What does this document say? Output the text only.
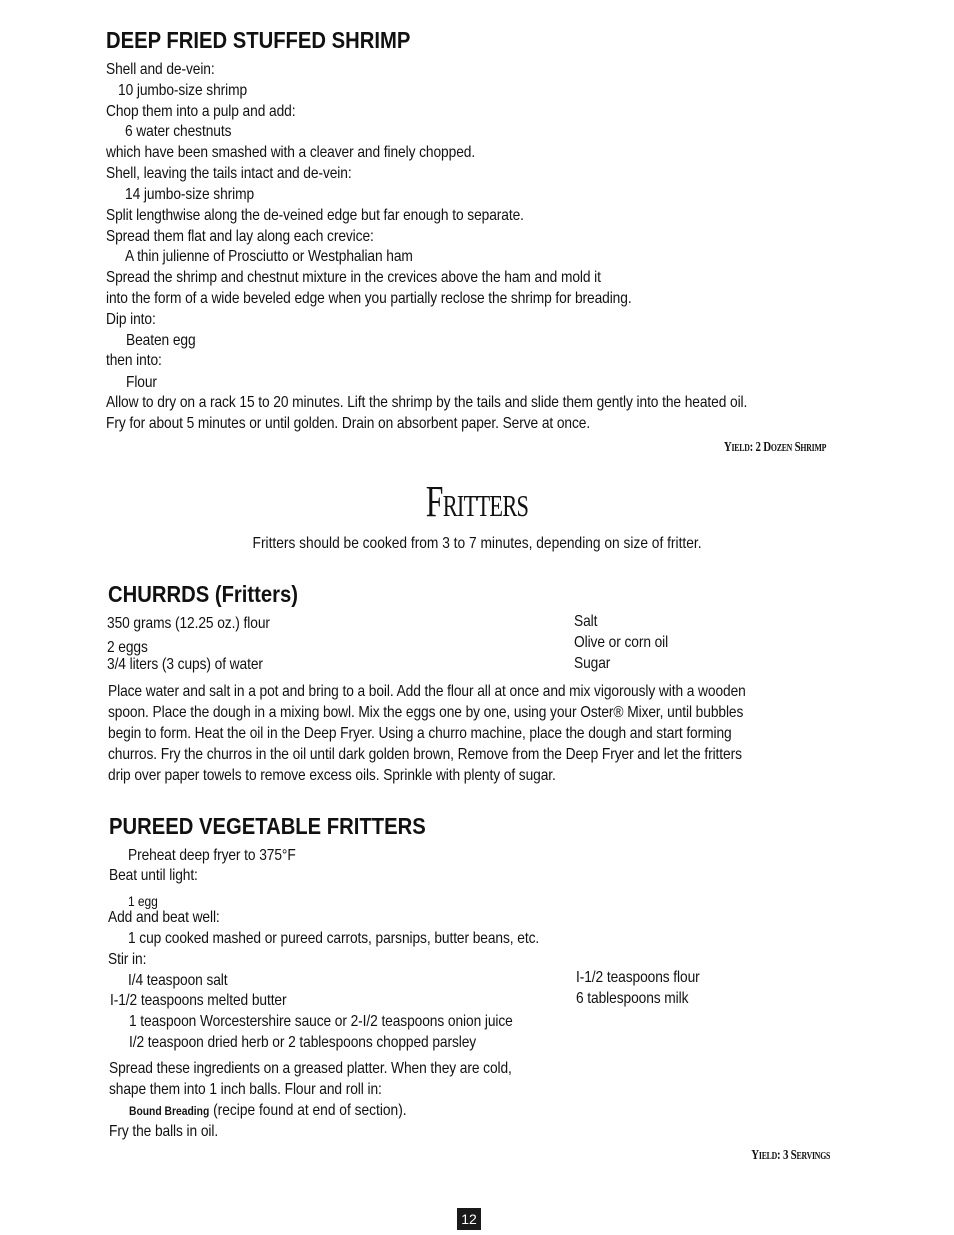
DEEP FRIED STUFFED SHRIMP
Shell and de-vein:
10 jumbo-size shrimp
Chop them into a pulp and add:
6 water chestnuts
which have been smashed with a cleaver and finely chopped.
Shell, leaving the tails intact and de-vein:
14 jumbo-size shrimp
Split lengthwise along the de-veined edge but far enough to separate.
Spread them flat and lay along each crevice:
A thin julienne of Prosciutto or Westphalian ham
Spread the shrimp and chestnut mixture in the crevices above the ham and mold it
into the form of a wide beveled edge when you partially reclose the shrimp for breading.
Dip into:
Beaten egg
then into:
Flour
Allow to dry on a rack 15 to 20 minutes. Lift the shrimp by the tails and slide them gently into the heated oil.
Fry for about 5 minutes or until golden. Drain on absorbent paper. Serve at once.
Yield: 2 Dozen Shrimp
Fritters
Fritters should be cooked from 3 to 7 minutes, depending on size of fritter.
CHURRDS (Fritters)
350 grams (12.25 oz.) flour
2 eggs
3/4 liters (3 cups) of water
Salt
Olive or corn oil
Sugar
Place water and salt in a pot and bring to a boil. Add the flour all at once and mix vigorously with a wooden
spoon. Place the dough in a mixing bowl. Mix the eggs one by one, using your Oster® Mixer, until bubbles
begin to form. Heat the oil in the Deep Fryer. Using a churro machine, place the dough and start forming
churros. Fry the churros in the oil until dark golden brown, Remove from the Deep Fryer and let the fritters
drip over paper towels to remove excess oils. Sprinkle with plenty of sugar.
PUREED VEGETABLE FRITTERS
Preheat deep fryer to 375°F
Beat until light:
1 egg
Add and beat well:
1 cup cooked mashed or pureed carrots, parsnips, butter beans, etc.
Stir in:
I/4 teaspoon salt
I-1/2 teaspoons melted butter
1 teaspoon Worcestershire sauce or 2-I/2 teaspoons onion juice
I/2 teaspoon dried herb or 2 tablespoons chopped parsley
I-1/2 teaspoons flour
6 tablespoons milk
Spread these ingredients on a greased platter. When they are cold,
shape them into 1 inch balls. Flour and roll in:
Bound Breading (recipe found at end of section).
Fry the balls in oil.
Yield: 3 Servings
12
